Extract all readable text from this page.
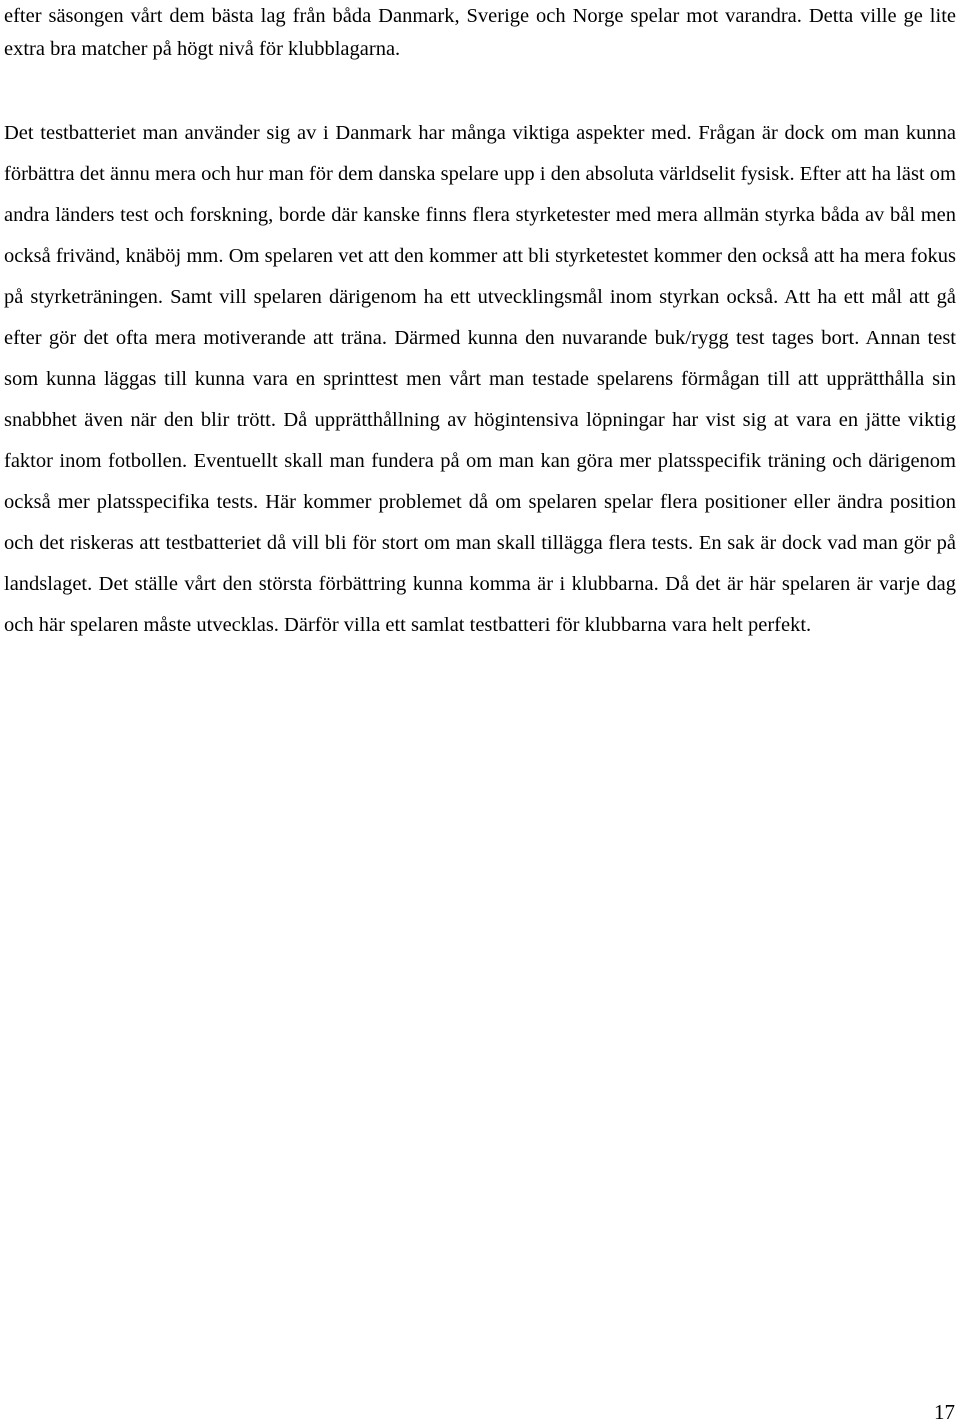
efter säsongen vårt dem bästa lag från båda Danmark, Sverige och Norge spelar mot varandra. Detta ville ge lite extra bra matcher på högt nivå för klubblagarna.

Det testbatteriet man använder sig av i Danmark har många viktiga aspekter med. Frågan är dock om man kunna förbättra det ännu mera och hur man för dem danska spelare upp i den absoluta världselit fysisk. Efter att ha läst om andra länders test och forskning, borde där kanske finns flera styrketester med mera allmän styrka båda av bål men också frivänd, knäböj mm. Om spelaren vet att den kommer att bli styrketestet kommer den också att ha mera fokus på styrketräningen. Samt vill spelaren därigenom ha ett utvecklingsmål inom styrkan också. Att ha ett mål att gå efter gör det ofta mera motiverande att träna. Därmed kunna den nuvarande buk/rygg test tages bort. Annan test som kunna läggas till kunna vara en sprinttest men vårt man testade spelarens förmågan till att upprätthålla sin snabbhet även när den blir trött. Då upprätthållning av högintensiva löpningar har vist sig at vara en jätte viktig faktor inom fotbollen. Eventuellt skall man fundera på om man kan göra mer platsspecifik träning och därigenom också mer platsspecifika tests. Här kommer problemet då om spelaren spelar flera positioner eller ändra position och det riskeras att testbatteriet då vill bli för stort om man skall tillägga flera tests. En sak är dock vad man gör på landslaget. Det ställe vårt den största förbättring kunna komma är i klubbarna. Då det är här spelaren är varje dag och här spelaren måste utvecklas. Därför villa ett samlat testbatteri för klubbarna vara helt perfekt.

17
